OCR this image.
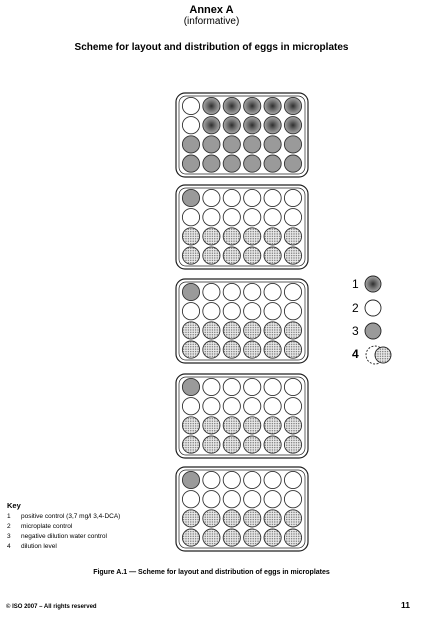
Annex A
(informative)
Scheme for layout and distribution of eggs in microplates
1
2
3
4
Key
1 positive control (3,7 mg/l 3,4-DCA)
2 microplate control
3 negative dilution water control
4 dilution level
Figure A.1 — Scheme for layout and distribution of eggs in microplates
© ISO 2007 – All rights reserved	11
